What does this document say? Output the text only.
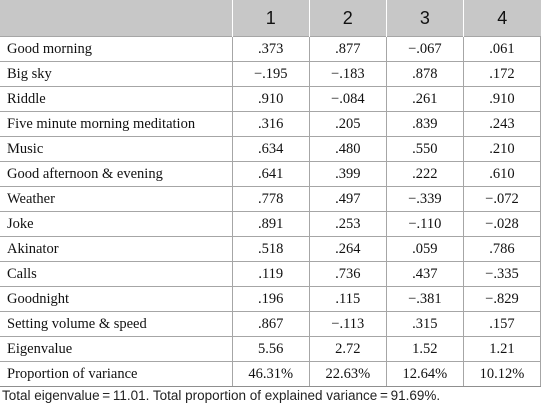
	1	2	3	4
Good morning	.373	.877	−.067	.061
Big sky	−.195	−.183	.878	.172
Riddle	.910	−.084	.261	.910
Five minute morning meditation	.316	.205	.839	.243
Music	.634	.480	.550	.210
Good afternoon & evening	.641	.399	.222	.610
Weather	.778	.497	−.339	−.072
Joke	.891	.253	−.110	−.028
Akinator	.518	.264	.059	.786
Calls	.119	.736	.437	−.335
Goodnight	.196	.115	−.381	−.829
Setting volume & speed	.867	−.113	.315	.157
Eigenvalue	5.56	2.72	1.52	1.21
Proportion of variance	46.31%	22.63%	12.64%	10.12%
Total eigenvalue = 11.01. Total proportion of explained variance = 91.69%.
